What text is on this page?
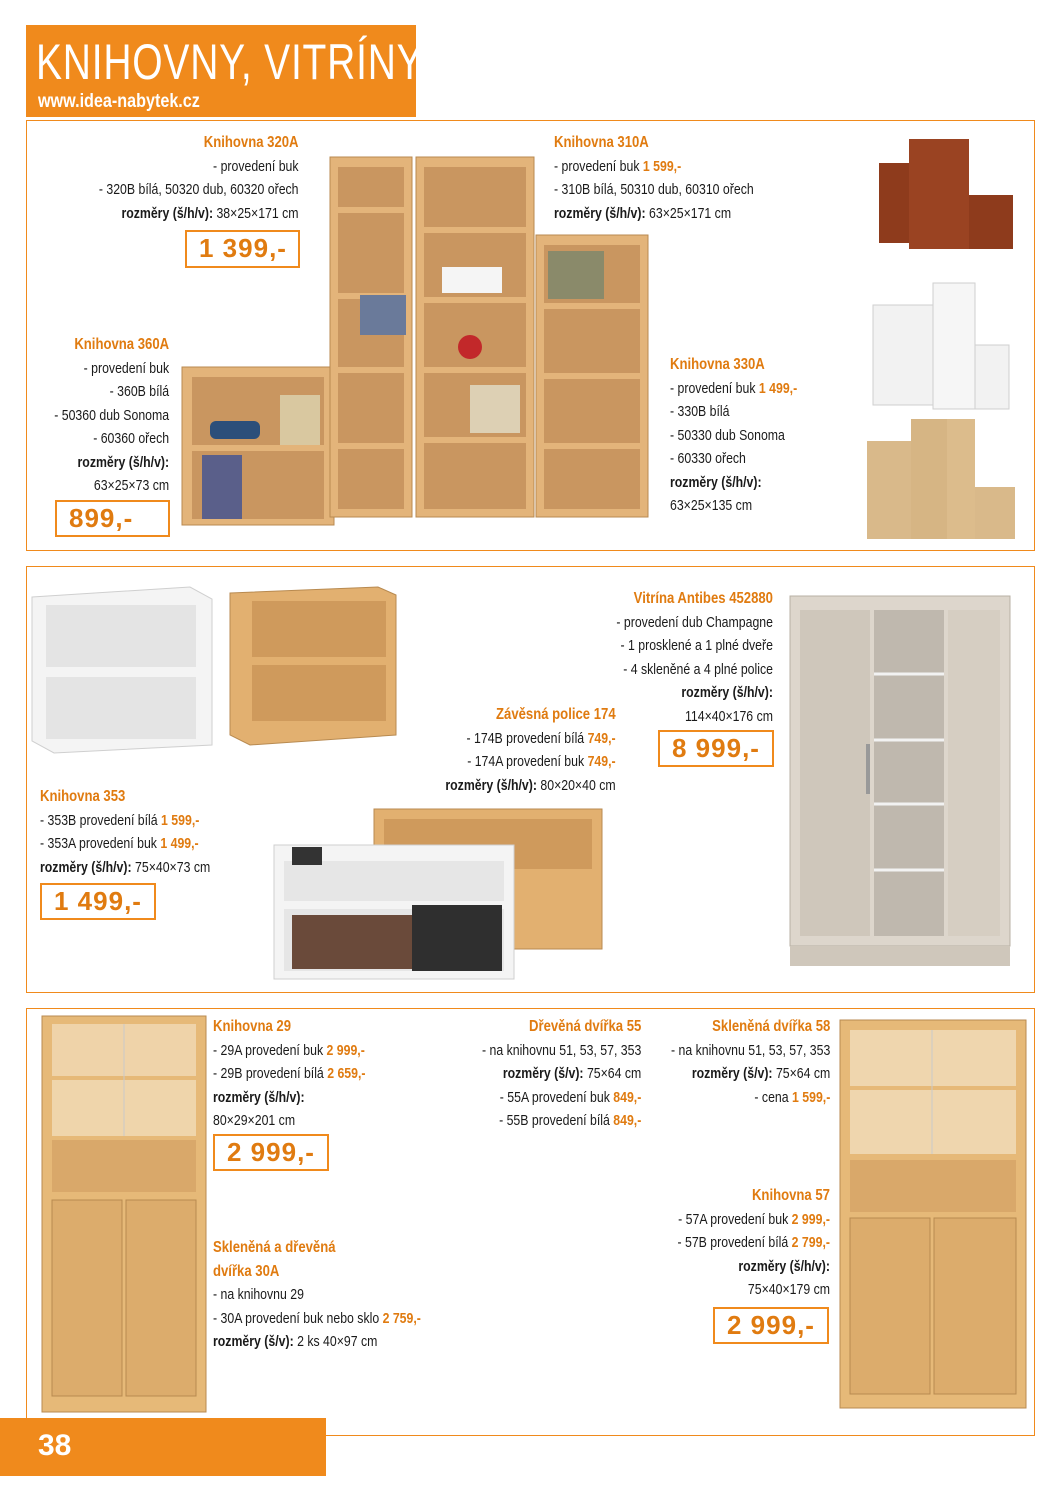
KNIHOVNY, VITRÍNY
www.idea-nabytek.cz
Knihovna 320A
- provedení buk
- 320B bílá, 50320 dub, 60320 ořech
rozměry (š/h/v): 38×25×171 cm
1 399,-
Knihovna 310A
- provedení buk 1 599,-
- 310B bílá, 50310 dub, 60310 ořech
rozměry (š/h/v): 63×25×171 cm
Knihovna 360A
- provedení buk
- 360B bílá
- 50360 dub Sonoma
- 60360 ořech
rozměry (š/h/v):
63×25×73 cm
899,-
Knihovna 330A
- provedení buk 1 499,-
- 330B bílá
- 50330 dub Sonoma
- 60330 ořech
rozměry (š/h/v):
63×25×135 cm
Vitrína Antibes 452880
- provedení dub Champagne
- 1 prosklené a 1 plné dveře
- 4 skleněné a 4 plné police
rozměry (š/h/v):
114×40×176 cm
8 999,-
Závěsná police 174
- 174B provedení bílá 749,-
- 174A provedení buk 749,-
rozměry (š/h/v): 80×20×40 cm
Knihovna 353
- 353B provedení bílá 1 599,-
- 353A provedení buk 1 499,-
rozměry (š/h/v): 75×40×73 cm
1 499,-
Knihovna 29
- 29A provedení buk 2 999,-
- 29B provedení bílá 2 659,-
rozměry (š/h/v):
80×29×201 cm
2 999,-
Dřevěná dvířka 55
- na knihovnu 51, 53, 57, 353
rozměry (š/v): 75×64 cm
- 55A provedení buk 849,-
- 55B provedení bílá 849,-
Skleněná dvířka 58
- na knihovnu 51, 53, 57, 353
rozměry (š/v): 75×64 cm
- cena 1 599,-
Skleněná a dřevěná
dvířka 30A
- na knihovnu 29
- 30A provedení buk nebo sklo 2 759,-
rozměry (š/v): 2 ks 40×97 cm
Knihovna 57
- 57A provedení buk 2 999,-
- 57B provedení bílá 2 799,-
rozměry (š/h/v):
75×40×179 cm
2 999,-
38
